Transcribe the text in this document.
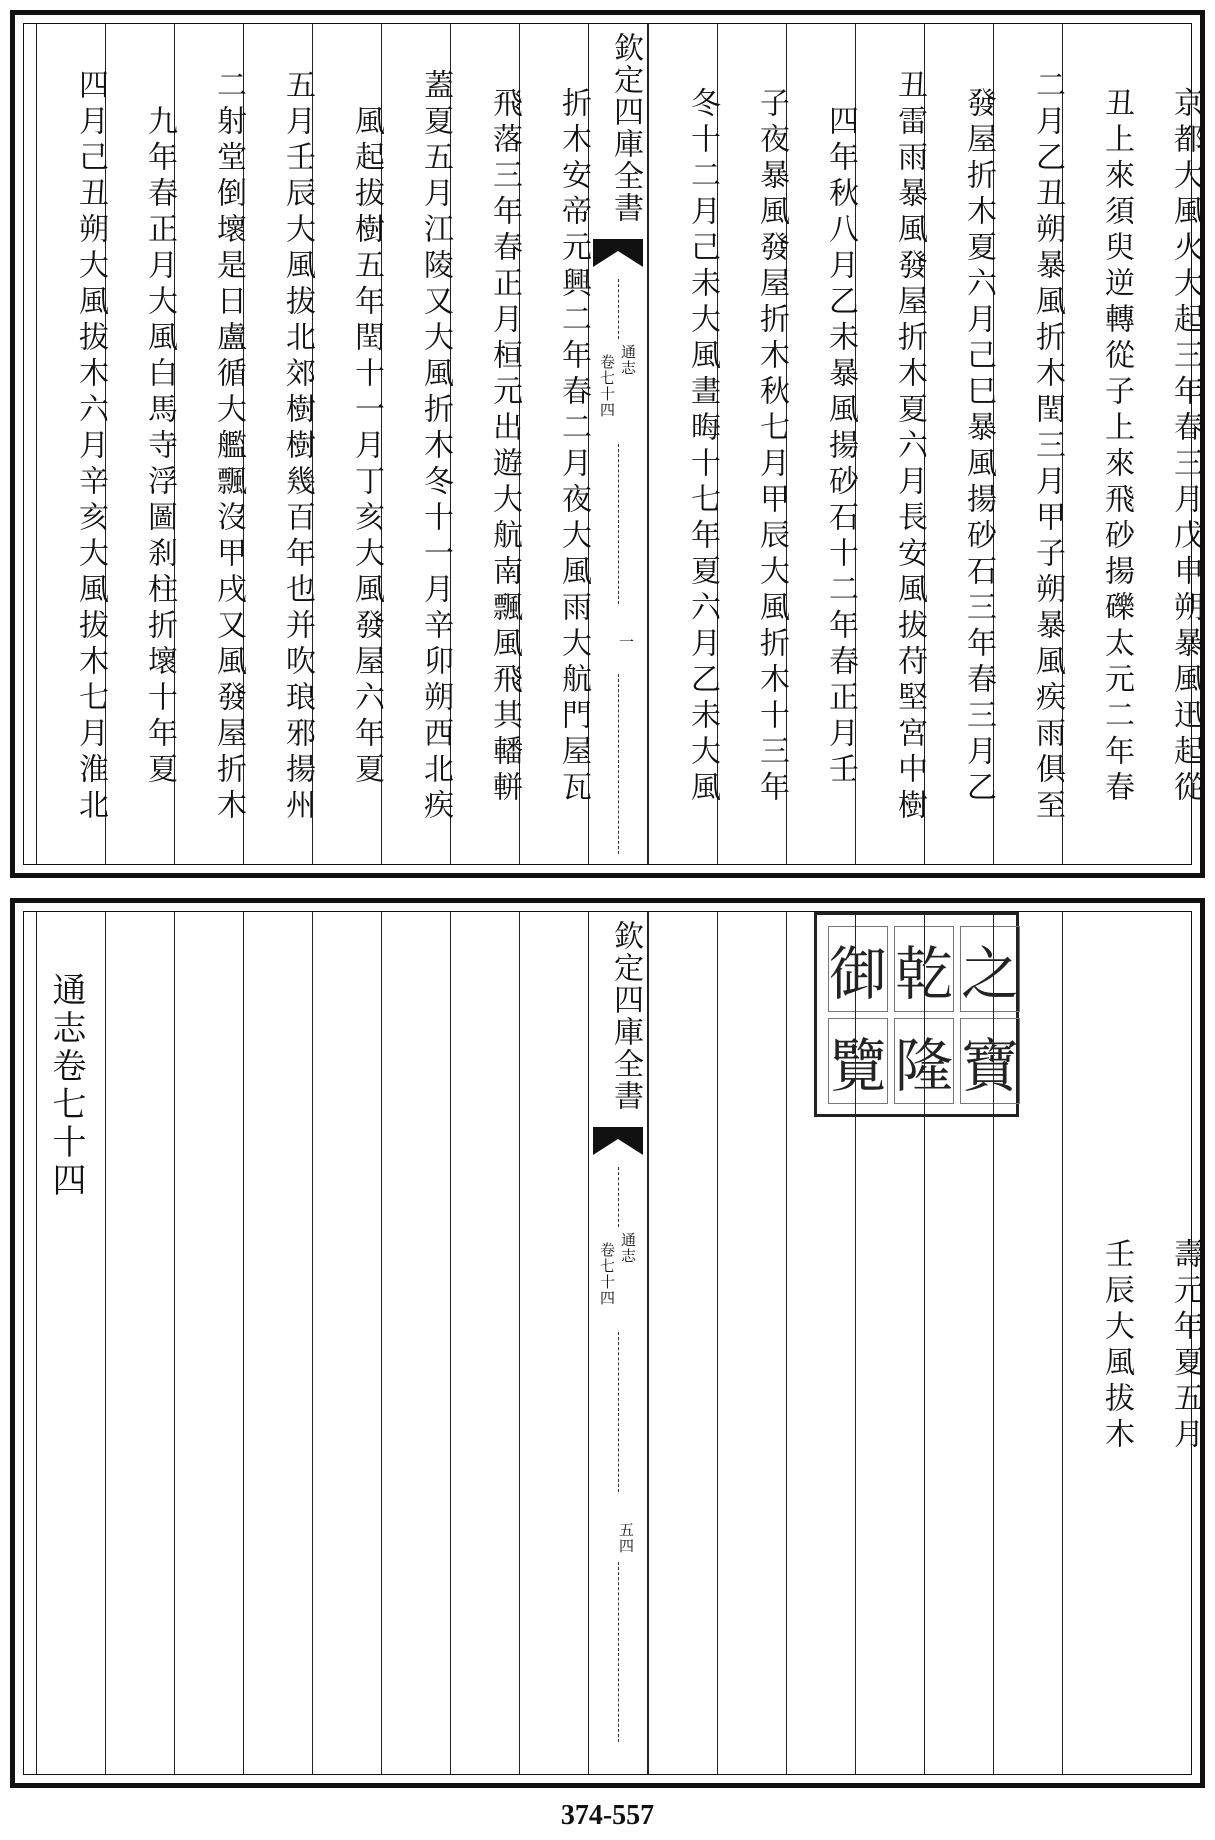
京都大風火大起三年春三月戊申朔暴風迅起從
丑上來須臾逆轉從子上來飛砂揚礫太元二年春
二月乙丑朔暴風折木閏三月甲子朔暴風疾雨俱至
發屋折木夏六月己巳暴風揚砂石三年春三月乙
丑雷雨暴風發屋折木夏六月長安風拔苻堅宮中樹
四年秋八月乙未暴風揚砂石十二年春正月壬
子夜暴風發屋折木秋七月甲辰大風折木十三年
冬十二月己未大風晝晦十七年夏六月乙未大風
欽定四庫全書
通志
卷七十四
一
折木安帝元興二年春二月夜大風雨大航門屋瓦
飛落三年春正月桓元出遊大航南飄風飛其轓軿
蓋夏五月江陵又大風折木冬十一月辛卯朔西北疾
風起拔樹五年閏十一月丁亥大風發屋六年夏
五月壬辰大風拔北郊樹樹幾百年也并吹琅邪揚州
二射堂倒壞是日盧循大艦飄沒甲戌又風發屋折木
九年春正月大風白馬寺浮圖刹柱折壞十年夏
四月己丑朔大風拔木六月辛亥大風拔木七月淮北
御 乾 之
覽 隆 寶
通志卷七十四
壽元年夏五月
壬辰大風拔木
欽定四庫全書
通志
卷七十四
五四
374-557
